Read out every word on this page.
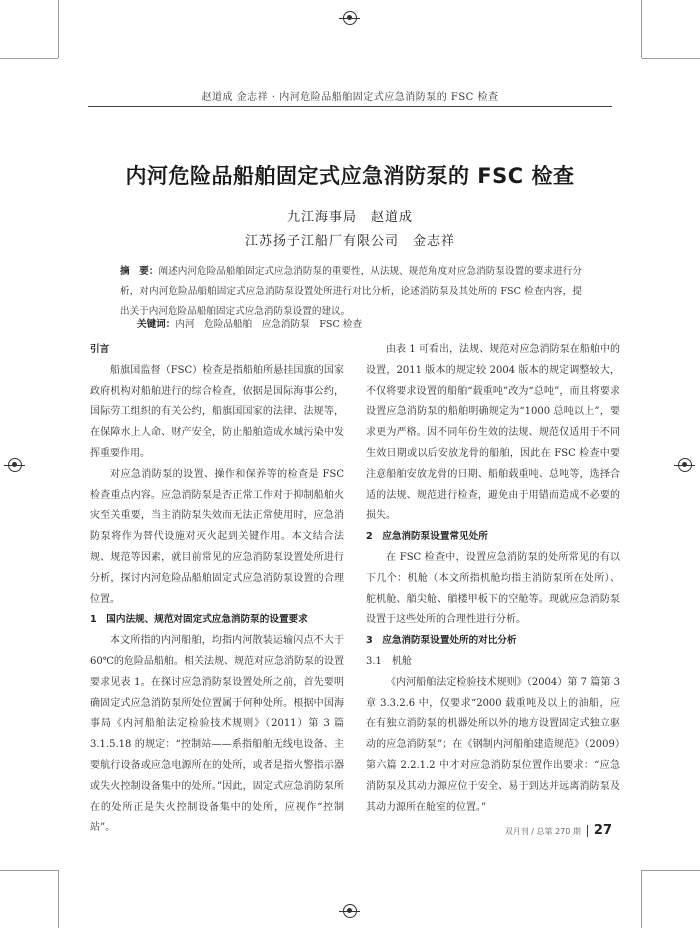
赵道成 金志祥 · 内河危险品船舶固定式应急消防泵的 FSC 检查
内河危险品船舶固定式应急消防泵的 FSC 检查
九江海事局　赵道成
江苏扬子江船厂有限公司　金志祥
摘　要：阐述内河危险品船舶固定式应急消防泵的重要性，从法规、规范角度对应急消防泵设置的要求进行分析，对内河危险品船舶固定式应急消防泵设置处所进行对比分析，论述消防泵及其处所的 FSC 检查内容，提出关于内河危险品船舶固定式应急消防泵设置的建议。
关键词：内河　危险品船舶　应急消防泵　FSC 检查
引言

船旗国监督（FSC）检查是指船舶所悬挂国旗的国家政府机构对船舶进行的综合检查，依据是国际海事公约，国际劳工组织的有关公约，船旗国国家的法律、法规等，在保障水上人命、财产安全，防止船舶造成水域污染中发挥重要作用。

对应急消防泵的设置、操作和保养等的检查是 FSC 检查重点内容。应急消防泵是否正常工作对于抑制船舶火灾至关重要，当主消防泵失效而无法正常使用时，应急消防泵将作为替代设施对灭火起到关键作用。本文结合法规、规范等因素，就目前常见的应急消防泵设置处所进行分析，探讨内河危险品船舶固定式应急消防泵设置的合理位置。

1　国内法规、规范对固定式应急消防泵的设置要求

本文所指的内河船舶，均指内河散装运输闪点不大于 60℃的危险品船舶。相关法规、规范对应急消防泵的设置要求见表 1。在探讨应急消防泵设置处所之前，首先要明确固定式应急消防泵所处位置属于何种处所。根据中国海事局《内河船舶法定检验技术规则》（2011）第 3 篇 3.1.5.18 的规定：“控制站——系指船舶无线电设备、主要航行设备或应急电源所在的处所，或者是指火警指示器或失火控制设备集中的处所。”因此，固定式应急消防泵所在的处所正是失火控制设备集中的处所，应视作“控制站”。

由表 1 可看出，法规、规范对应急消防泵在船舶中的设置，2011 版本的规定较 2004 版本的规定调整较大，不仅将要求设置的船舶“载重吨”改为“总吨”，而且将要求设置应急消防泵的船舶明确规定为“1000 总吨以上”，要求更为严格。因不同年份生效的法规、规范仅适用于不同生效日期或以后安放龙骨的船舶，因此在 FSC 检查中要注意船舶安放龙骨的日期、船舶载重吨、总吨等，选择合适的法规、规范进行检查，避免由于用错而造成不必要的损失。

2　应急消防泵设置常见处所

在 FSC 检查中，设置应急消防泵的处所常见的有以下几个：机舱（本文所指机舱均指主消防泵所在处所）、舵机舱、艏尖舱、艏楼甲板下的空舱等。现就应急消防泵设置于这些处所的合理性进行分析。

3　应急消防泵设置处所的对比分析
3.1　机舱

《内河船舶法定检验技术规则》（2004）第 7 篇第 3 章 3.3.2.6 中，仅要求“2000 载重吨及以上的油船，应在有独立消防泵的机器处所以外的地方设置固定式独立驱动的应急消防泵”；在《钢制内河船舶建造规范》（2009）第六篇 2.2.1.2 中才对应急消防泵位置作出要求：“应急消防泵及其动力源应位于安全、易于到达并远离消防泵及其动力源所在舱室的位置。”

双月刊 / 总第 270 期	27
